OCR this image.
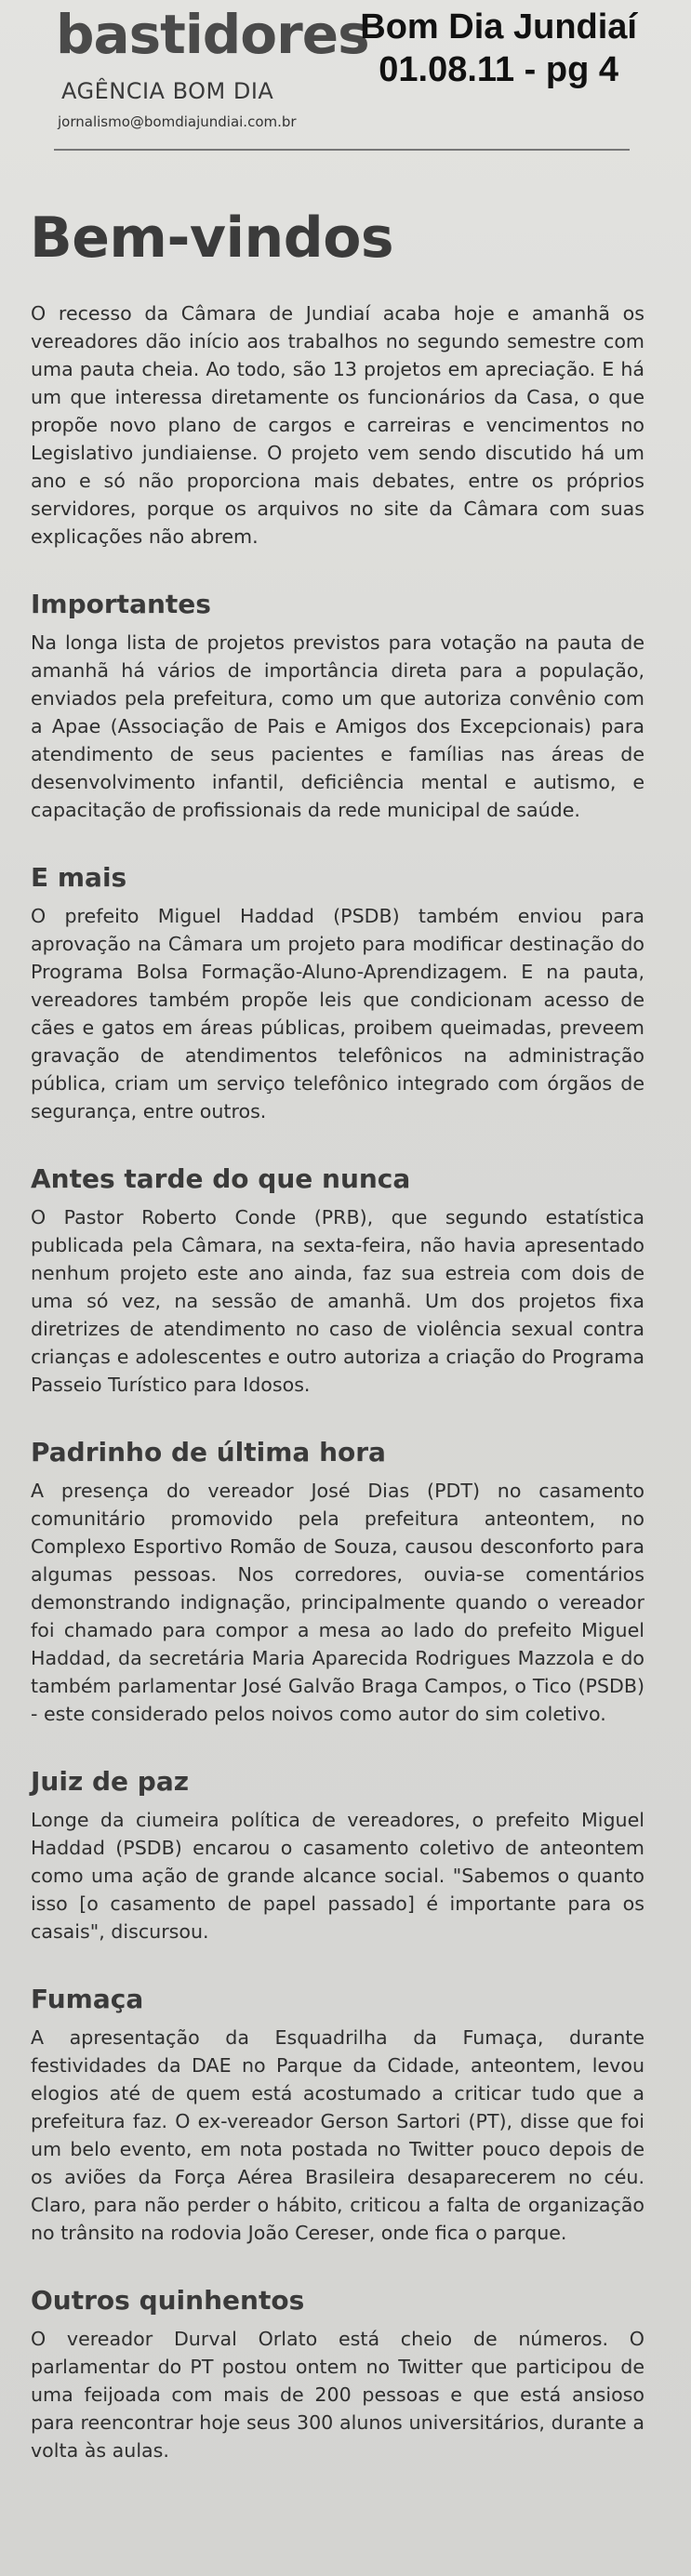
bastidores
AGÊNCIA BOM DIA
jornalismo@bomdiajundiai.com.br
Bom Dia Jundiaí
01.08.11 - pg 4
Bem-vindos

O recesso da Câmara de Jundiaí acaba hoje e amanhã os vereadores dão início aos trabalhos no segundo semestre com uma pauta cheia. Ao todo, são 13 projetos em apreciação. E há um que interessa diretamente os funcionários da Casa, o que propõe novo plano de cargos e carreiras e vencimentos no Legislativo jundiaiense. O projeto vem sendo discutido há um ano e só não proporciona mais debates, entre os próprios servidores, porque os arquivos no site da Câmara com suas explicações não abrem.

Importantes

Na longa lista de projetos previstos para votação na pauta de amanhã há vários de importância direta para a população, enviados pela prefeitura, como um que autoriza convênio com a Apae (Associação de Pais e Amigos dos Excepcionais) para atendimento de seus pacientes e famílias nas áreas de desenvolvimento infantil, deficiência mental e autismo, e capacitação de profissionais da rede municipal de saúde.

E mais

O prefeito Miguel Haddad (PSDB) também enviou para aprovação na Câmara um projeto para modificar destinação do Programa Bolsa Formação-Aluno-Aprendizagem. E na pauta, vereadores também propõe leis que condicionam acesso de cães e gatos em áreas públicas, proibem queimadas, preveem gravação de atendimentos telefônicos na administração pública, criam um serviço telefônico integrado com órgãos de segurança, entre outros.

Antes tarde do que nunca

O Pastor Roberto Conde (PRB), que segundo estatística publicada pela Câmara, na sexta-feira, não havia apresentado nenhum projeto este ano ainda, faz sua estreia com dois de uma só vez, na sessão de amanhã. Um dos projetos fixa diretrizes de atendimento no caso de violência sexual contra crianças e adolescentes e outro autoriza a criação do Programa Passeio Turístico para Idosos.

Padrinho de última hora

A presença do vereador José Dias (PDT) no casamento comunitário promovido pela prefeitura anteontem, no Complexo Esportivo Romão de Souza, causou desconforto para algumas pessoas. Nos corredores, ouvia-se comentários demonstrando indignação, principalmente quando o vereador foi chamado para compor a mesa ao lado do prefeito Miguel Haddad, da secretária Maria Aparecida Rodrigues Mazzola e do também parlamentar José Galvão Braga Campos, o Tico (PSDB) - este considerado pelos noivos como autor do sim coletivo.

Juiz de paz

Longe da ciumeira política de vereadores, o prefeito Miguel Haddad (PSDB) encarou o casamento coletivo de anteontem como uma ação de grande alcance social. "Sabemos o quanto isso [o casamento de papel passado] é importante para os casais", discursou.

Fumaça

A apresentação da Esquadrilha da Fumaça, durante festividades da DAE no Parque da Cidade, anteontem, levou elogios até de quem está acostumado a criticar tudo que a prefeitura faz. O ex-vereador Gerson Sartori (PT), disse que foi um belo evento, em nota postada no Twitter pouco depois de os aviões da Força Aérea Brasileira desaparecerem no céu. Claro, para não perder o hábito, criticou a falta de organização no trânsito na rodovia João Cereser, onde fica o parque.

Outros quinhentos

O vereador Durval Orlato está cheio de números. O parlamentar do PT postou ontem no Twitter que participou de uma feijoada com mais de 200 pessoas e que está ansioso para reencontrar hoje seus 300 alunos universitários, durante a volta às aulas.
